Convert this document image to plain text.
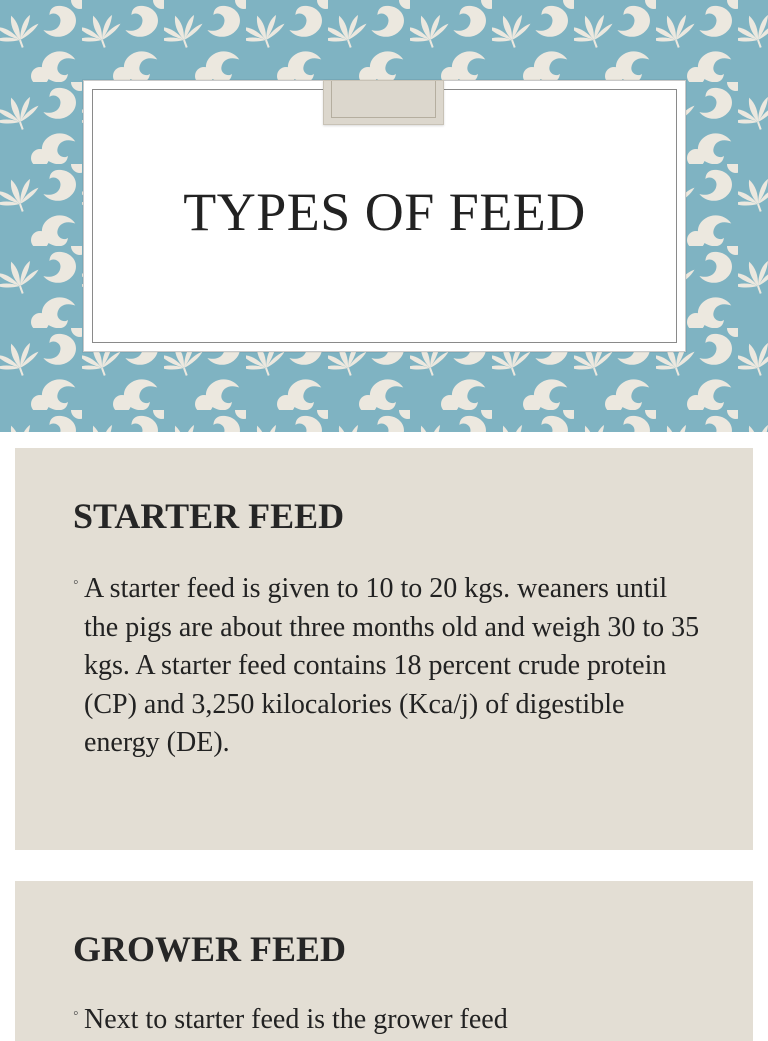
TYPES OF FEED
STARTER FEED
◦ A starter feed is given to 10 to 20 kgs. weaners until the pigs are about three months old and weigh 30 to 35 kgs. A starter feed contains 18 percent crude protein (CP) and 3,250 kilocalories (Kca/j) of digestible energy (DE).

GROWER FEED
◦ Next to starter feed is the grower feed
